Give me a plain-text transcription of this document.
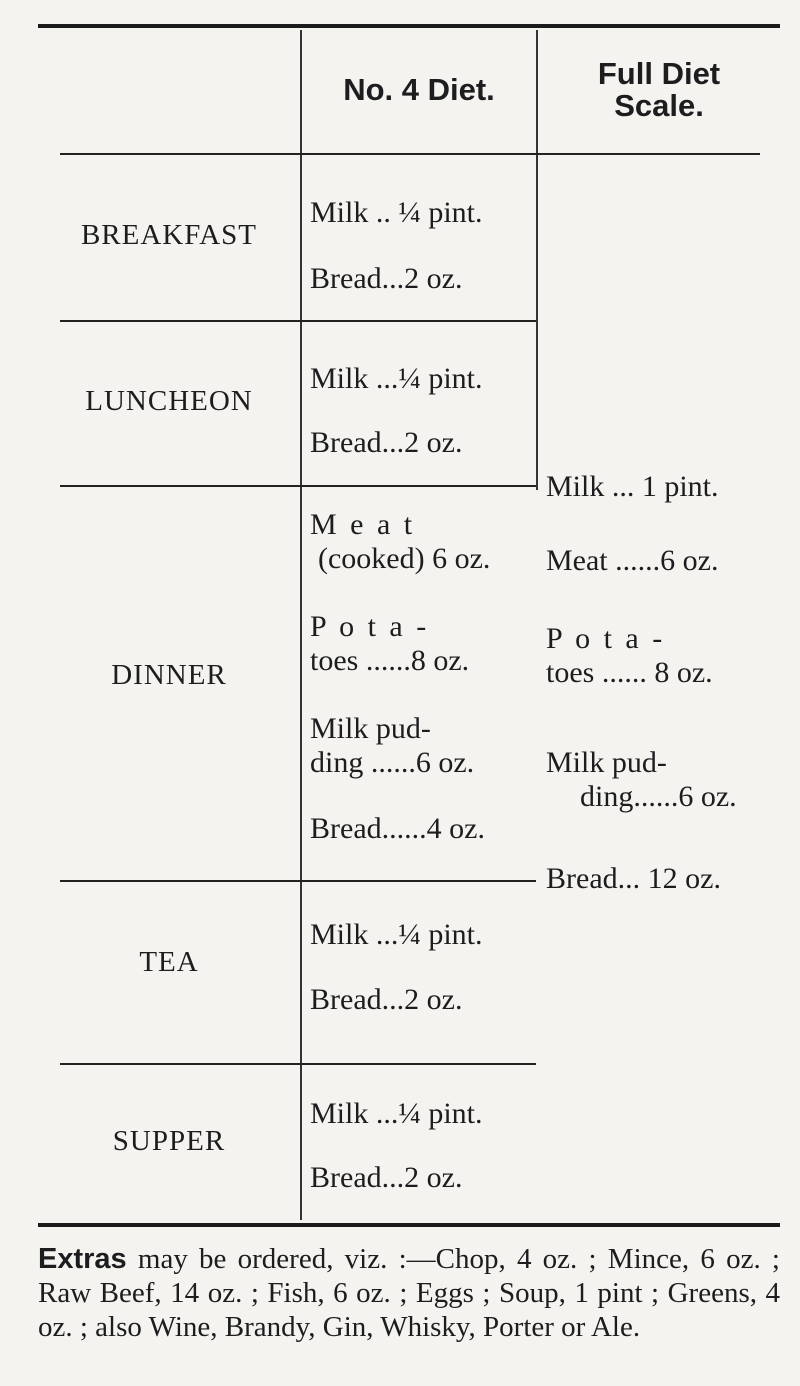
No. 4 Diet.	Full Diet
Scale.
BREAKFAST
LUNCHEON
DINNER
TEA
SUPPER
Milk .. ¼ pint.
Bread...2 oz.
Milk ...¼ pint.
Bread...2 oz.
M e a t
(cooked) 6 oz.
P o t a -
toes ......8 oz.
Milk pud-
ding ......6 oz.
Bread......4 oz.
Milk ...¼ pint.
Bread...2 oz.
Milk ...¼ pint.
Bread...2 oz.
Milk ... 1 pint.
Meat ......6 oz.
P o t a -
toes ...... 8 oz.
Milk pud-
ding......6 oz.
Bread... 12 oz.
Extras may be ordered, viz. :—Chop, 4 oz. ; Mince, 6 oz. ; Raw Beef, 14 oz. ; Fish, 6 oz. ; Eggs ; Soup, 1 pint ; Greens, 4 oz. ; also Wine, Brandy, Gin, Whisky, Porter or Ale.
